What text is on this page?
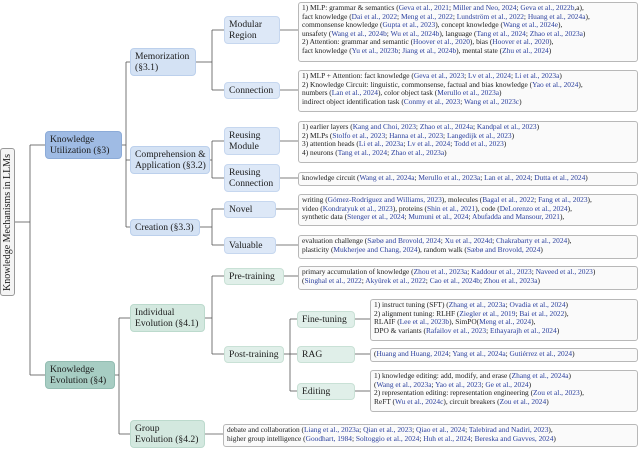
Knowledge Mechanisms in LLMs
Knowledge
Utilization (§3)
Knowledge
Evolution (§4)
Memorization
(§3.1)
Comprehension &
Application (§3.2)
Creation (§3.3)
Individual
Evolution (§4.1)
Group
Evolution (§4.2)
Modular
Region
Connection
Reusing
Module
Reusing
Connection
Novel
Valuable
Pre-training
Post-training
Fine-tuning
RAG
Editing
1) MLP: grammar & semantics (Geva et al., 2021; Miller and Neo, 2024; Geva et al., 2022b,a),
fact knowledge (Dai et al., 2022; Meng et al., 2022; Lundström et al., 2022; Huang et al., 2024a),
commonsense knowledge (Gupta et al., 2023), concept knowledge (Wang et al., 2024e),
unsafety (Wang et al., 2024b; Wu et al., 2024b), language (Tang et al., 2024; Zhao et al., 2023a)
2) Attention: grammar and semantic (Hoover et al., 2020), bias (Hoover et al., 2020),
fact knowledge (Yu et al., 2023b; Jiang et al., 2024b), mental state (Zhu et al., 2024)
1) MLP + Attention: fact knowledge (Geva et al., 2023; Lv et al., 2024; Li et al., 2023a)
2) Knowledge Circuit: linguistic, commonsense, factual and bias knowledge (Yao et al., 2024),
numbers (Lan et al., 2024), color object task (Merullo et al., 2023a)
indirect object identification task (Conmy et al., 2023; Wang et al., 2023c)
1) earlier layers (Kang and Choi, 2023; Zhao et al., 2024a; Kandpal et al., 2023)
2) MLPs (Stolfo et al., 2023; Hanna et al., 2023; Langedijk et al., 2023)
3) attention heads (Li et al., 2023a; Lv et al., 2024; Todd et al., 2023)
4) neurons (Tang et al., 2024; Zhao et al., 2023a)
knowledge circuit (Wang et al., 2024a; Merullo et al., 2023a; Lan et al., 2024; Dutta et al., 2024)
writing (Gómez-Rodríguez and Williams, 2023), molecules (Bagal et al., 2022; Fang et al., 2023),
video (Kondratyuk et al., 2023), proteins (Shin et al., 2021), code (DeLorenzo et al., 2024),
synthetic data (Stenger et al., 2024; Mumuni et al., 2024; Abufadda and Mansour, 2021),
evaluation challenge (Sæbø and Brovold, 2024; Xu et al., 2024d; Chakrabarty et al., 2024),
plasticity (Mukherjee and Chang, 2024), random walk (Sæbø and Brovold, 2024)
primary accumulation of knowledge (Zhou et al., 2023a; Kaddour et al., 2023; Naveed et al., 2023)
(Singhal et al., 2022; Akyürek et al., 2022; Cao et al., 2024b; Zhou et al., 2023a)
1) instruct tuning (SFT) (Zhang et al., 2023a; Ovadia et al., 2024)
2) alignment tuning: RLHF (Ziegler et al., 2019; Bai et al., 2022),
RLAIF (Lee et al., 2023b), SimPO(Meng et al., 2024),
DPO & variants (Rafailov et al., 2023; Ethayarajh et al., 2024)
(Huang and Huang, 2024; Yang et al., 2024a; Gutiérrez et al., 2024)
1) knowledge editing: add, modify, and erase (Zhang et al., 2024a)
(Wang et al., 2023a; Yao et al., 2023; Ge et al., 2024)
2) representation editing: representation engineering (Zou et al., 2023),
ReFT (Wu et al., 2024c), circuit breakers (Zou et al., 2024)
debate and collaboration (Liang et al., 2023a; Qian et al., 2023; Qiao et al., 2024; Talebirad and Nadiri, 2023),
higher group intelligence (Goodhart, 1984; Soltoggio et al., 2024; Huh et al., 2024; Bereska and Gavves, 2024)
